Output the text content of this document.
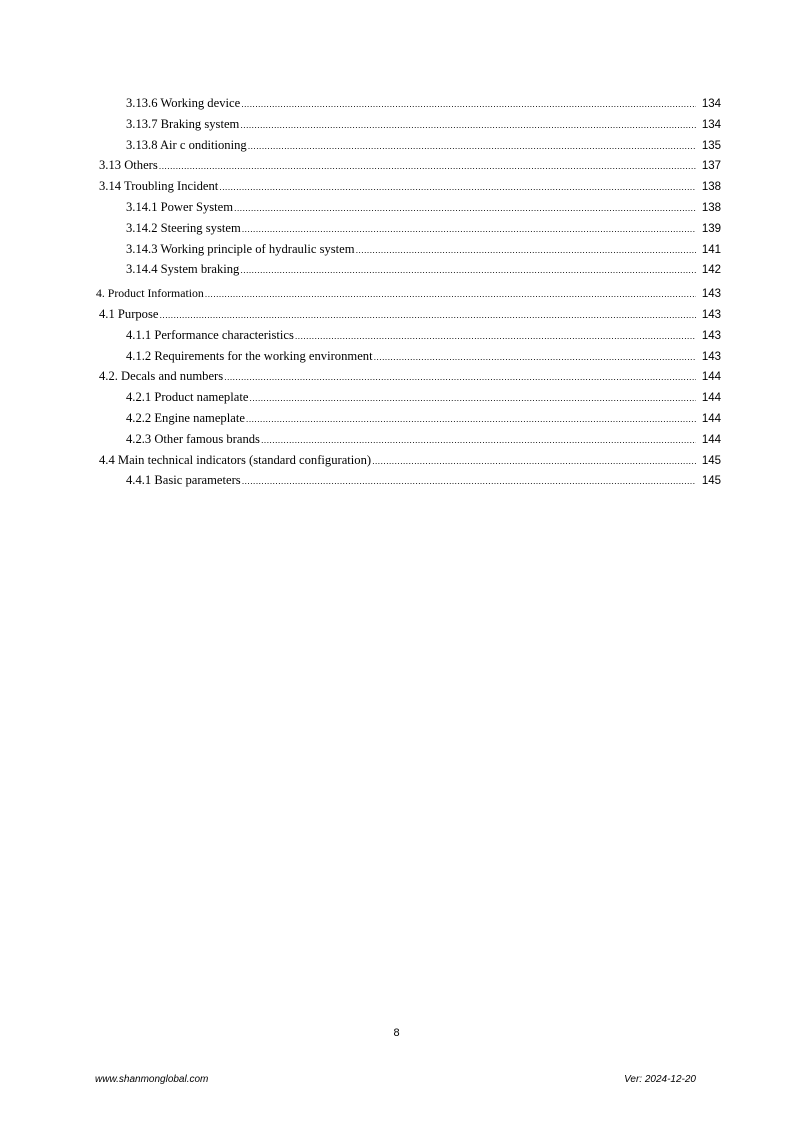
3.13.6 Working device .....	134
3.13.7 Braking system .....	134
3.13.8 Air c onditioning .....	135
3.13 Others .....	137
3.14 Troubling Incident .....	138
3.14.1 Power System .....	138
3.14.2 Steering system .....	139
3.14.3 Working principle of hydraulic system .....	141
3.14.4 System braking .....	142
4. Product Information .....	143
4.1 Purpose .....	143
4.1.1 Performance characteristics .....	143
4.1.2 Requirements for the working environment .....	143
4.2. Decals and numbers .....	144
4.2.1 Product nameplate .....	144
4.2.2 Engine nameplate .....	144
4.2.3 Other famous brands .....	144
4.4 Main technical indicators (standard configuration) .....	145
4.4.1 Basic parameters .....	145
8
www.shanmonglobal.com	Ver: 2024-12-20
